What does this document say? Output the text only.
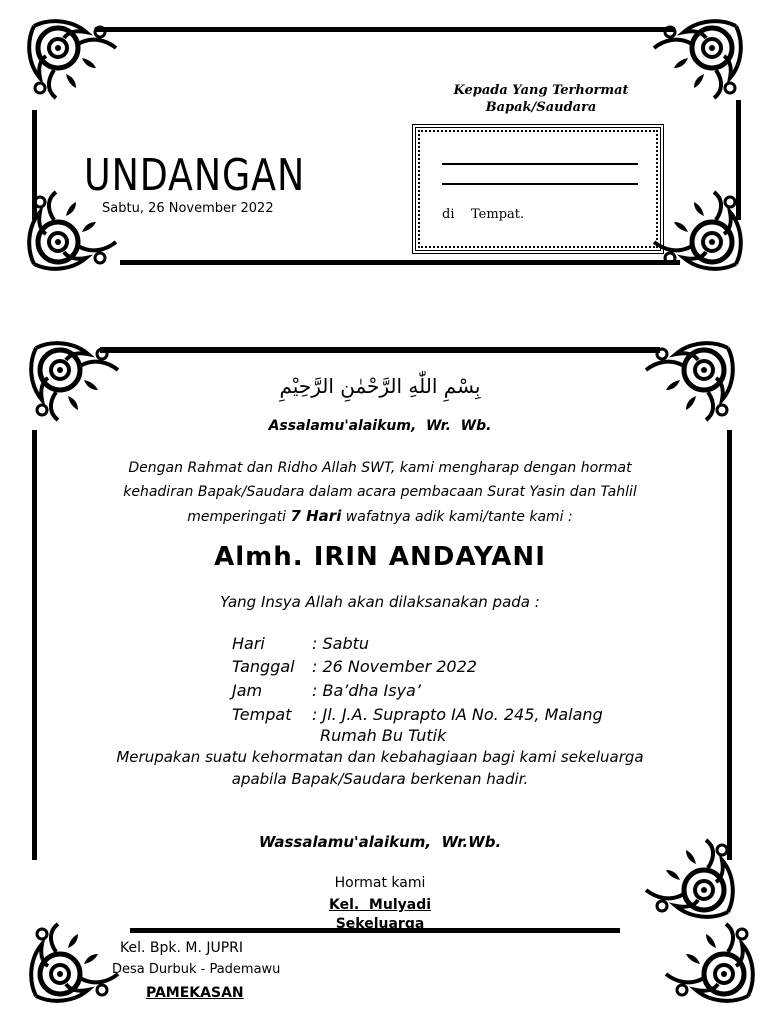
UNDANGAN
Sabtu, 26 November 2022
Kepada Yang Terhormat
Bapak/Saudara
di    Tempat.
بِسْمِ اللّٰهِ الرَّحْمٰنِ الرَّحِيْمِ
Assalamu'alaikum,  Wr.  Wb.
Dengan Rahmat dan Ridho Allah SWT, kami mengharap dengan hormat
kehadiran Bapak/Saudara dalam acara pembacaan Surat Yasin dan Tahlil
memperingati 7 Hari wafatnya adik kami/tante kami :
Almh. IRIN ANDAYANI
Yang Insya Allah akan dilaksanakan pada :
Hari	: Sabtu
Tanggal : 26 November 2022
Jam	: Ba’dha Isya’
Tempat : Jl. J.A. Suprapto IA No. 245, Malang
Rumah Bu Tutik
Merupakan suatu kehormatan dan kebahagiaan bagi kami sekeluarga
apabila Bapak/Saudara berkenan hadir.
Wassalamu'alaikum,  Wr.Wb.
Hormat kami
Kel.  Mulyadi
Sekeluarga
Kel. Bpk. M. JUPRI
Desa Durbuk - Pademawu
PAMEKASAN
